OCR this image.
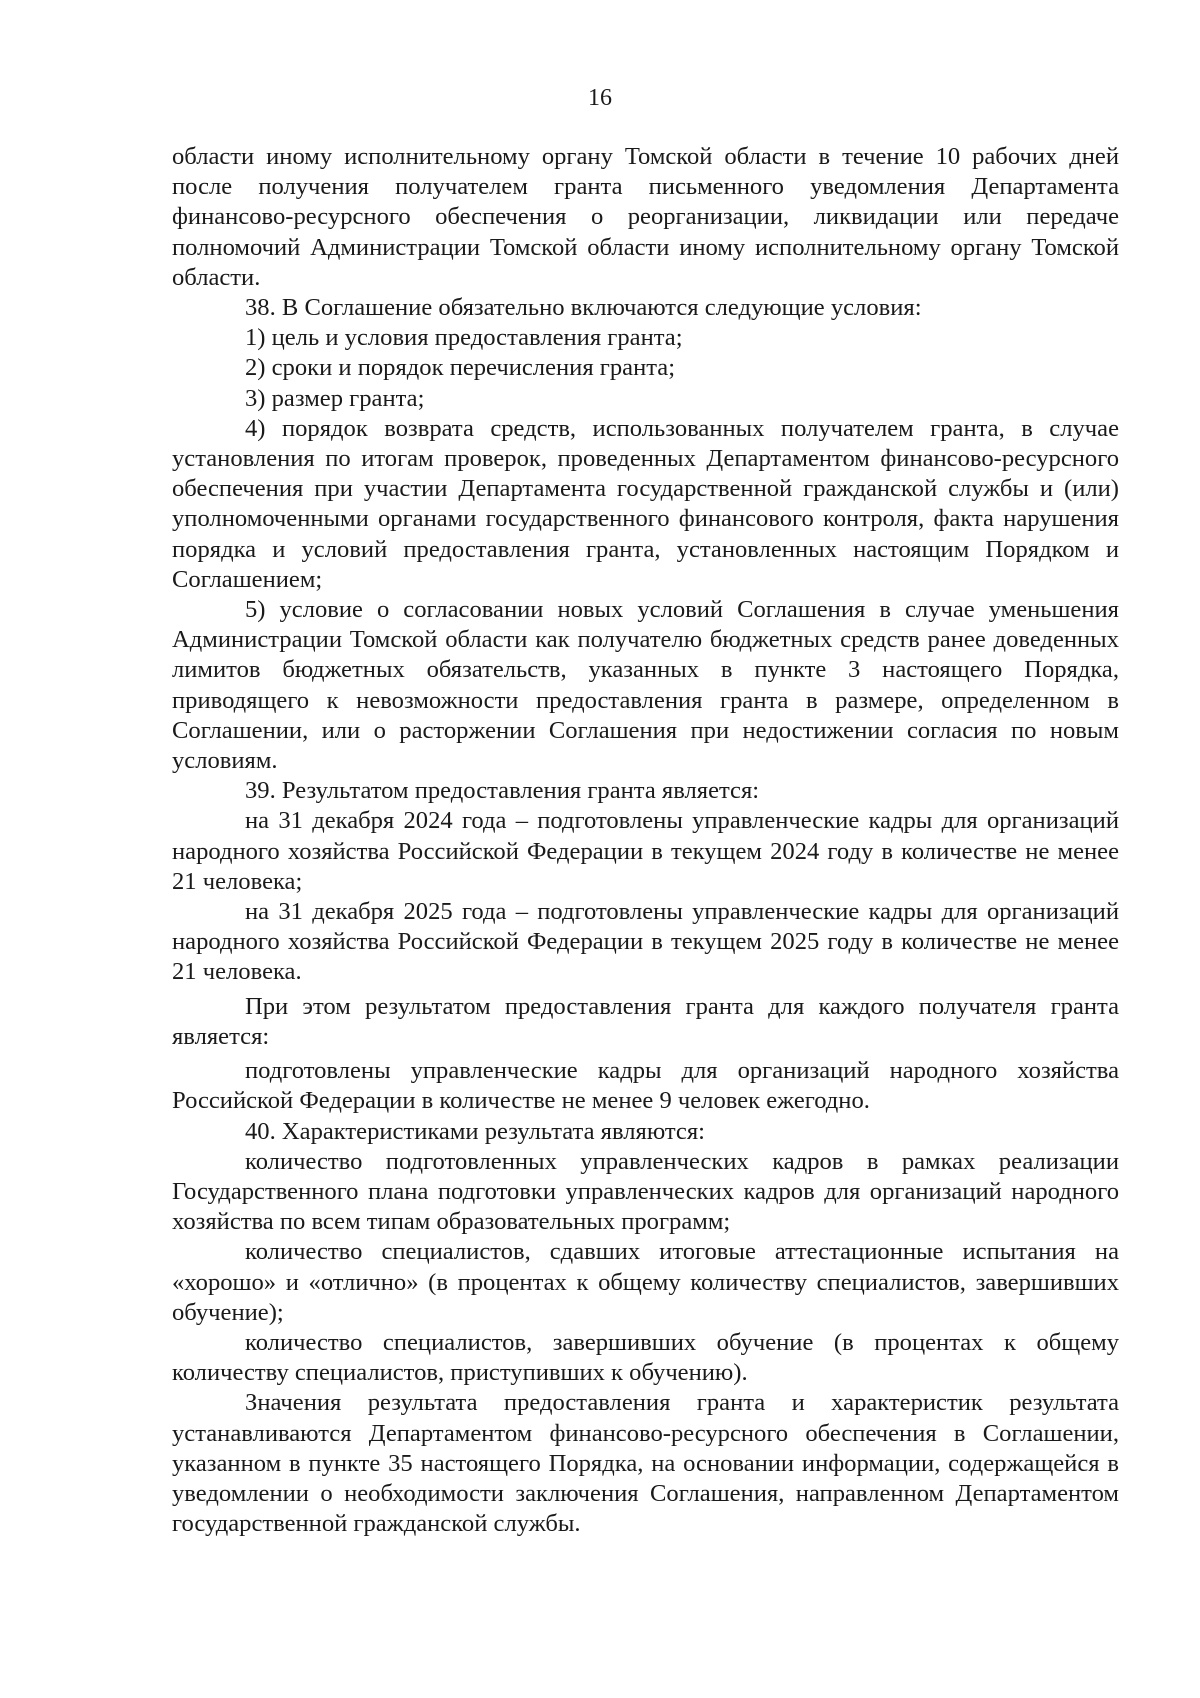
16

области иному исполнительному органу Томской области в течение 10 рабочих дней после получения получателем гранта письменного уведомления Департамента финансово-ресурсного обеспечения о реорганизации, ликвидации или передаче полномочий Администрации Томской области иному исполнительному органу Томской области.

38. В Соглашение обязательно включаются следующие условия:

1) цель и условия предоставления гранта;

2) сроки и порядок перечисления гранта;

3) размер гранта;

4) порядок возврата средств, использованных получателем гранта, в случае установления по итогам проверок, проведенных Департаментом финансово-ресурсного обеспечения при участии Департамента государственной гражданской службы и (или) уполномоченными органами государственного финансового контроля, факта нарушения порядка и условий предоставления гранта, установленных настоящим Порядком и Соглашением;

5) условие о согласовании новых условий Соглашения в случае уменьшения Администрации Томской области как получателю бюджетных средств ранее доведенных лимитов бюджетных обязательств, указанных в пункте 3 настоящего Порядка, приводящего к невозможности предоставления гранта в размере, определенном в Соглашении, или о расторжении Соглашения при недостижении согласия по новым условиям.

39. Результатом предоставления гранта является:

на 31 декабря 2024 года – подготовлены управленческие кадры для организаций народного хозяйства Российской Федерации в текущем 2024 году в количестве не менее 21 человека;

на 31 декабря 2025 года – подготовлены управленческие кадры для организаций народного хозяйства Российской Федерации в текущем 2025 году в количестве не менее 21 человека.

При этом результатом предоставления гранта для каждого получателя гранта является:

подготовлены управленческие кадры для организаций народного хозяйства Российской Федерации в количестве не менее 9 человек ежегодно.

40. Характеристиками результата являются:

количество подготовленных управленческих кадров в рамках реализации Государственного плана подготовки управленческих кадров для организаций народного хозяйства по всем типам образовательных программ;

количество специалистов, сдавших итоговые аттестационные испытания на «хорошо» и «отлично» (в процентах к общему количеству специалистов, завершивших обучение);

количество специалистов, завершивших обучение (в процентах к общему количеству специалистов, приступивших к обучению).

Значения результата предоставления гранта и характеристик результата устанавливаются Департаментом финансово-ресурсного обеспечения в Соглашении, указанном в пункте 35 настоящего Порядка, на основании информации, содержащейся в уведомлении о необходимости заключения Соглашения, направленном Департаментом государственной гражданской службы.
